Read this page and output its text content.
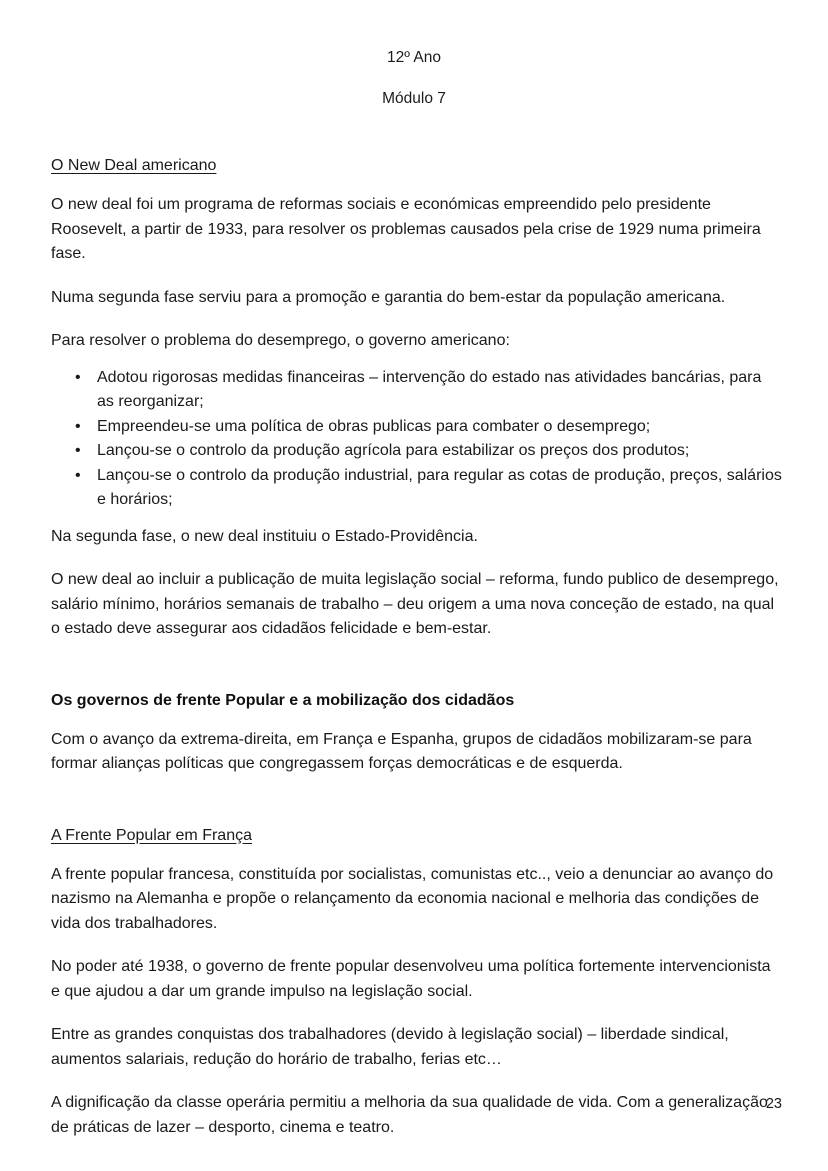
12º Ano
Módulo 7
O New Deal americano

O new deal foi um programa de reformas sociais e económicas empreendido pelo presidente Roosevelt, a partir de 1933, para resolver os problemas causados pela crise de 1929 numa primeira fase.

Numa segunda fase serviu para a promoção e garantia do bem-estar da população americana.

Para resolver o problema do desemprego, o governo americano:

• Adotou rigorosas medidas financeiras – intervenção do estado nas atividades bancárias, para as reorganizar;
• Empreendeu-se uma política de obras publicas para combater o desemprego;
• Lançou-se o controlo da produção agrícola para estabilizar os preços dos produtos;
• Lançou-se o controlo da produção industrial, para regular as cotas de produção, preços, salários e horários;

Na segunda fase, o new deal instituiu o Estado-Providência.

O new deal ao incluir a publicação de muita legislação social – reforma, fundo publico de desemprego, salário mínimo, horários semanais de trabalho – deu origem a uma nova conceção de estado, na qual o estado deve assegurar aos cidadãos felicidade e bem-estar.

Os governos de frente Popular e a mobilização dos cidadãos

Com o avanço da extrema-direita, em França e Espanha, grupos de cidadãos mobilizaram-se para formar alianças políticas que congregassem forças democráticas e de esquerda.

A Frente Popular em França

A frente popular francesa, constituída por socialistas, comunistas etc.., veio a denunciar ao avanço do nazismo na Alemanha e propõe o relançamento da economia nacional e melhoria das condições de vida dos trabalhadores.

No poder até 1938, o governo de frente popular desenvolveu uma política fortemente intervencionista e que ajudou a dar um grande impulso na legislação social.

Entre as grandes conquistas dos trabalhadores (devido à legislação social) – liberdade sindical, aumentos salariais, redução do horário de trabalho, ferias etc…

A dignificação da classe operária permitiu a melhoria da sua qualidade de vida. Com a generalização de práticas de lazer – desporto, cinema e teatro.

23
